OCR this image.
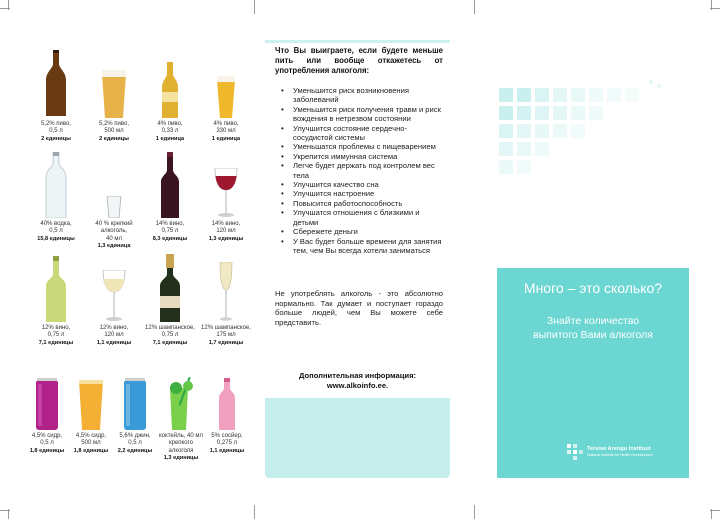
5,2% пиво,
0,5 л
2 единицы
5,2% пиво,
500 мл
2 единицы
4% пиво,
0,33 л
1 единица
4% пиво,
330 мл
1 единица
40% водка,
0,5 л
15,8 единицы
40 % крепкий алкоголь,
40 мл
1,3 единица
14% вино,
0,75 л
8,3 единицы
14% вино,
120 мл
1,3 единицы
12% вино,
0,75 л
7,1 единицы
12% вино,
120 мл
1,1 единицы
12% шампанское,
0,75 л
7,1 единицы
12% шампанское,
175 мл
1,7 единицы
4,5% сидр,
0,5 л
1,8 единицы
4,5% сидр,
500 мл
1,8 единицы
5,6% джин,
0,5 л
2,2 единицы
коктейль, 40 мл
крепкого алкоголя
1,3 единицы
5% сосйер,
0,275 л
1,1 единицы
Что Вы выиграете, если будете меньше пить или вообще откажетесь от употребления алкоголя:
• Уменьшится риск возникновения заболеваний
• Уменьшится риск получения травм и риск вождения в нетрезвом состоянии
• Улучшится состояние сердечно-сосудистой системы
• Уменьшатся проблемы с пищеварением
• Укрепится иммунная система
• Легче будет держать под контролем вес тела
• Улучшится качество сна
• Улучшится настроение
• Повысится работоспособность
• Улучшатся отношения с близкими и детьми
• Сбережете деньги
• У Вас будет больше времени для занятия тем, чем Вы всегда хотели заниматься
Не употреблять алкоголь - это абсолютно нормально. Так думает и поступает гораздо больше людей, чем Вы можете себе представить.
Дополнительная информация:
www.alkoinfo.ee.
Много – это сколько?
Знайте количество
выпитого Вами алкоголя
Tervise Arengu Instituut
National Institute for Health Development
